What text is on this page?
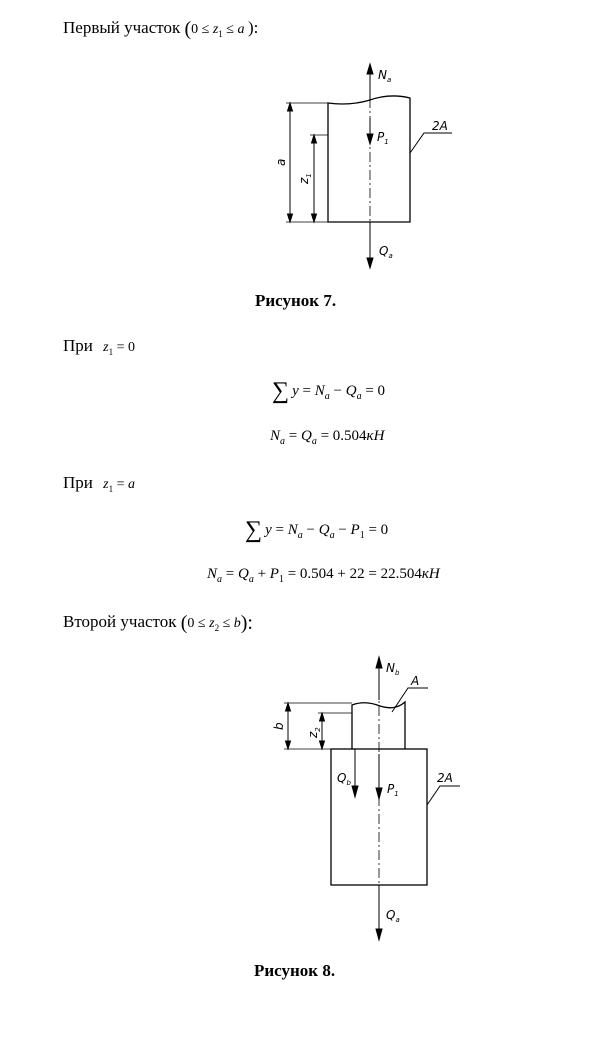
Первый участок ($0 \le z_1 \le a$ ):
$N_a$
$P_1$
2A
a
$z_1$
$Q_a$
Рисунок 7.
При $z_1 = 0$
∑ $y = N_a - Q_a = 0$
$N_a = Q_a = 0.504кН$
При $z_1 = a$
∑ $y = N_a - Q_a - P_1 = 0$
$N_a = Q_a + P_1 = 0.504 + 22 = 22.504кН$
Второй участок $(0 \le z_2 \le b)$:
$N_b$
A
b
$z_2$
$Q_b$	$P_1$
2A
$Q_a$
Рисунок 8.
